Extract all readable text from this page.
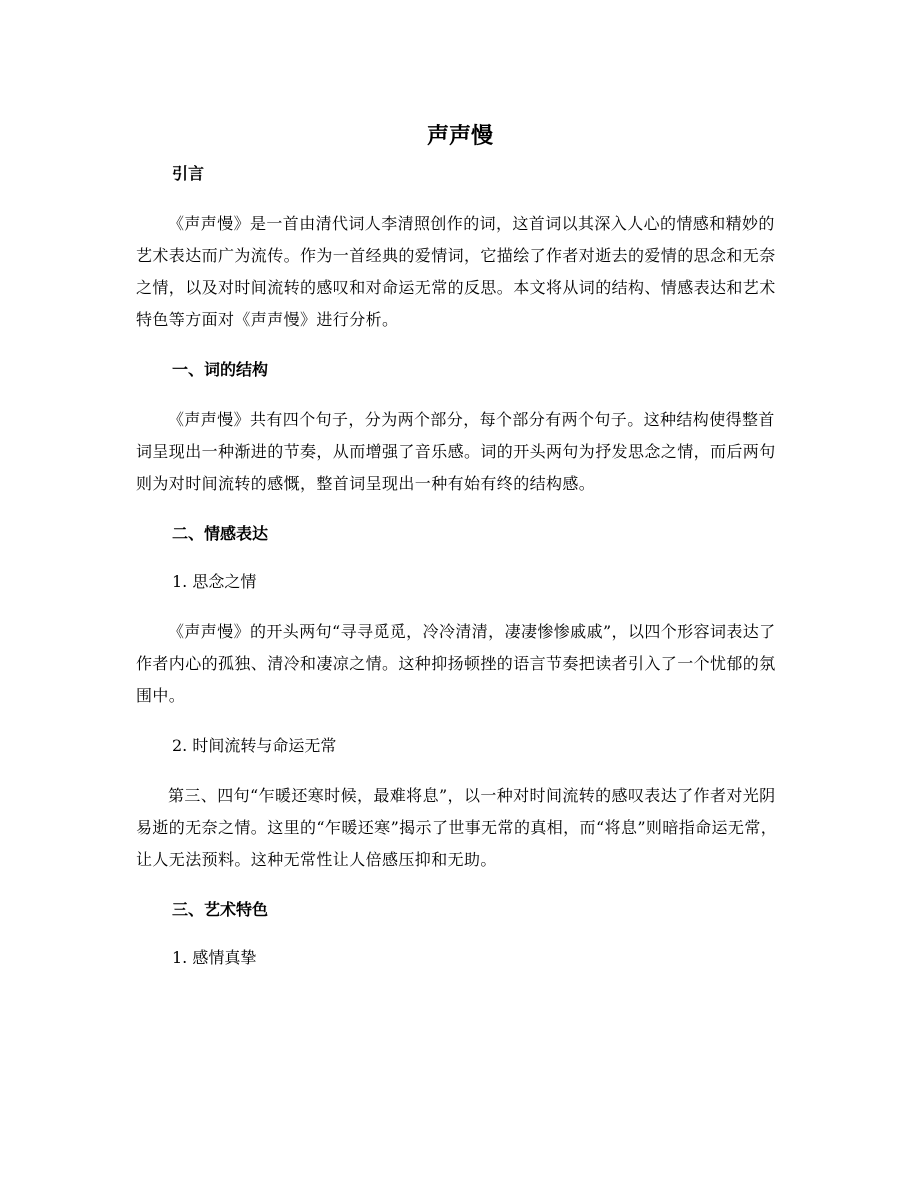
声声慢
引言

《声声慢》是一首由清代词人李清照创作的词，这首词以其深入人心的情感和精妙的艺术表达而广为流传。作为一首经典的爱情词，它描绘了作者对逝去的爱情的思念和无奈之情，以及对时间流转的感叹和对命运无常的反思。本文将从词的结构、情感表达和艺术特色等方面对《声声慢》进行分析。

一、词的结构

《声声慢》共有四个句子，分为两个部分，每个部分有两个句子。这种结构使得整首词呈现出一种渐进的节奏，从而增强了音乐感。词的开头两句为抒发思念之情，而后两句则为对时间流转的感慨，整首词呈现出一种有始有终的结构感。

二、情感表达
1. 思念之情

《声声慢》的开头两句“寻寻觅觅，冷冷清清，凄凄惨惨戚戚”，以四个形容词表达了作者内心的孤独、清冷和凄凉之情。这种抑扬顿挫的语言节奏把读者引入了一个忧郁的氛围中。

2. 时间流转与命运无常

第三、四句“乍暖还寒时候，最难将息”，以一种对时间流转的感叹表达了作者对光阴易逝的无奈之情。这里的“乍暖还寒”揭示了世事无常的真相，而“将息”则暗指命运无常，让人无法预料。这种无常性让人倍感压抑和无助。

三、艺术特色
1. 感情真挚
